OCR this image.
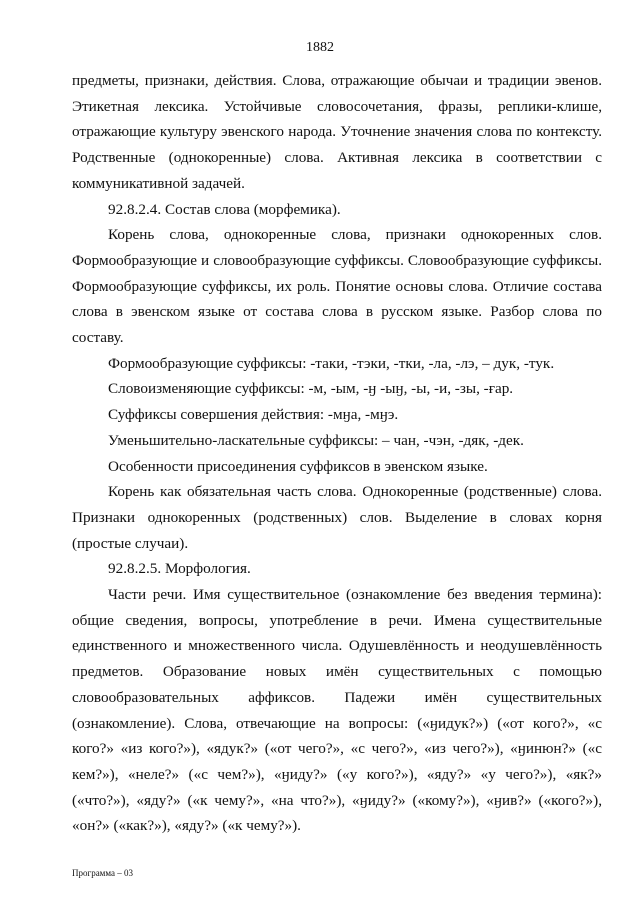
1882

предметы, признаки, действия. Слова, отражающие обычаи и традиции эвенов. Этикетная лексика. Устойчивые словосочетания, фразы, реплики-клише, отражающие культуру эвенского народа. Уточнение значения слова по контексту. Родственные (однокоренные) слова. Активная лексика в соответствии с коммуникативной задачей.

92.8.2.4. Состав слова (морфемика).

Корень слова, однокоренные слова, признаки однокоренных слов. Формообразующие и словообразующие суффиксы. Словообразующие суффиксы. Формообразующие суффиксы, их роль. Понятие основы слова. Отличие состава слова в эвенском языке от состава слова в русском языке. Разбор слова по составу.

Формообразующие суффиксы: -таки, -тэки, -тки, -ла, -лэ, – дук, -тук.

Словоизменяющие суффиксы: -м, -ым, -ӈ -ыӈ, -ы, -и, -зы, -ғар.

Суффиксы совершения действия: -мӈа, -мӈэ.

Уменьшительно-ласкательные суффиксы: – чан, -чэн, -дяк, -дек.

Особенности присоединения суффиксов в эвенском языке.

Корень как обязательная часть слова. Однокоренные (родственные) слова. Признаки однокоренных (родственных) слов. Выделение в словах корня (простые случаи).

92.8.2.5. Морфология.

Части речи. Имя существительное (ознакомление без введения термина): общие сведения, вопросы, употребление в речи. Имена существительные единственного и множественного числа. Одушевлённость и неодушевлённость предметов. Образование новых имён существительных с помощью словообразовательных аффиксов. Падежи имён существительных (ознакомление). Слова, отвечающие на вопросы: («ӈидук?») («от кого?», «с кого?» «из кого?»), «ядук?» («от чего?», «с чего?», «из чего?»), «ӈинюн?» («с кем?»), «неле?» («с чем?»), «ӈиду?» («у кого?»), «яду?» «у чего?»), «як?» («что?»), «яду?» («к чему?», «на что?»), «ӈиду?» («кому?»), «ӈив?» («кого?»), «он?» («как?»), «яду?» («к чему?»).

Программа – 03
